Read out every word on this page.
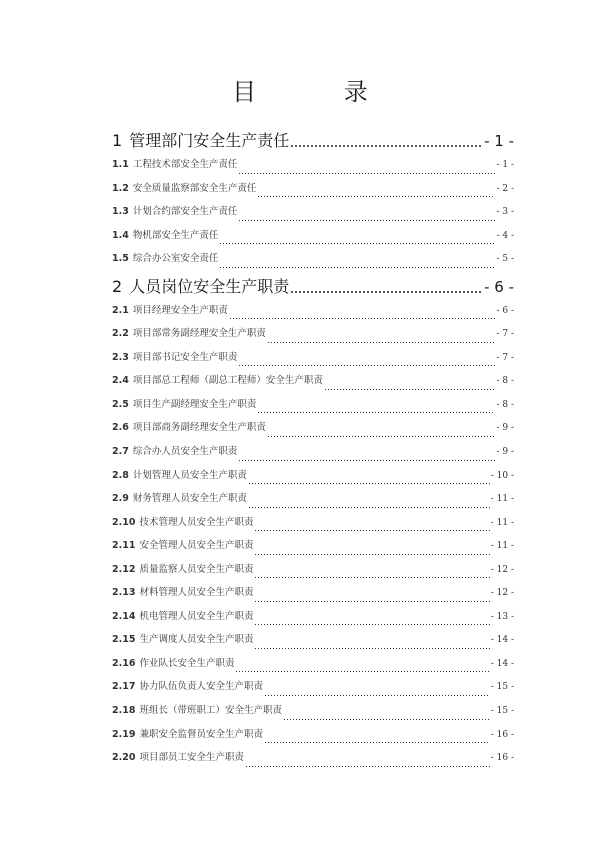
目 录
1 管理部门安全生产责任	- 1 -
1.1 工程技术部安全生产责任	- 1 -
1.2 安全质量监察部安全生产责任	- 2 -
1.3 计划合约部安全生产责任	- 3 -
1.4 物机部安全生产责任	- 4 -
1.5 综合办公室安全责任	- 5 -
2 人员岗位安全生产职责	- 6 -
2.1 项目经理安全生产职责	- 6 -
2.2 项目部常务副经理安全生产职责	- 7 -
2.3 项目部书记安全生产职责	- 7 -
2.4 项目部总工程师（副总工程师）安全生产职责	- 8 -
2.5 项目生产副经理安全生产职责	- 8 -
2.6 项目部商务副经理安全生产职责	- 9 -
2.7 综合办人员安全生产职责	- 9 -
2.8 计划管理人员安全生产职责	- 10 -
2.9 财务管理人员安全生产职责	- 11 -
2.10 技术管理人员安全生产职责	- 11 -
2.11 安全管理人员安全生产职责	- 11 -
2.12 质量监察人员安全生产职责	- 12 -
2.13 材料管理人员安全生产职责	- 12 -
2.14 机电管理人员安全生产职责	- 13 -
2.15 生产调度人员安全生产职责	- 14 -
2.16 作业队长安全生产职责	- 14 -
2.17 协力队伍负责人安全生产职责	- 15 -
2.18 班组长（带班职工）安全生产职责	- 15 -
2.19 兼职安全监督员安全生产职责	- 16 -
2.20 项目部员工安全生产职责	- 16 -
